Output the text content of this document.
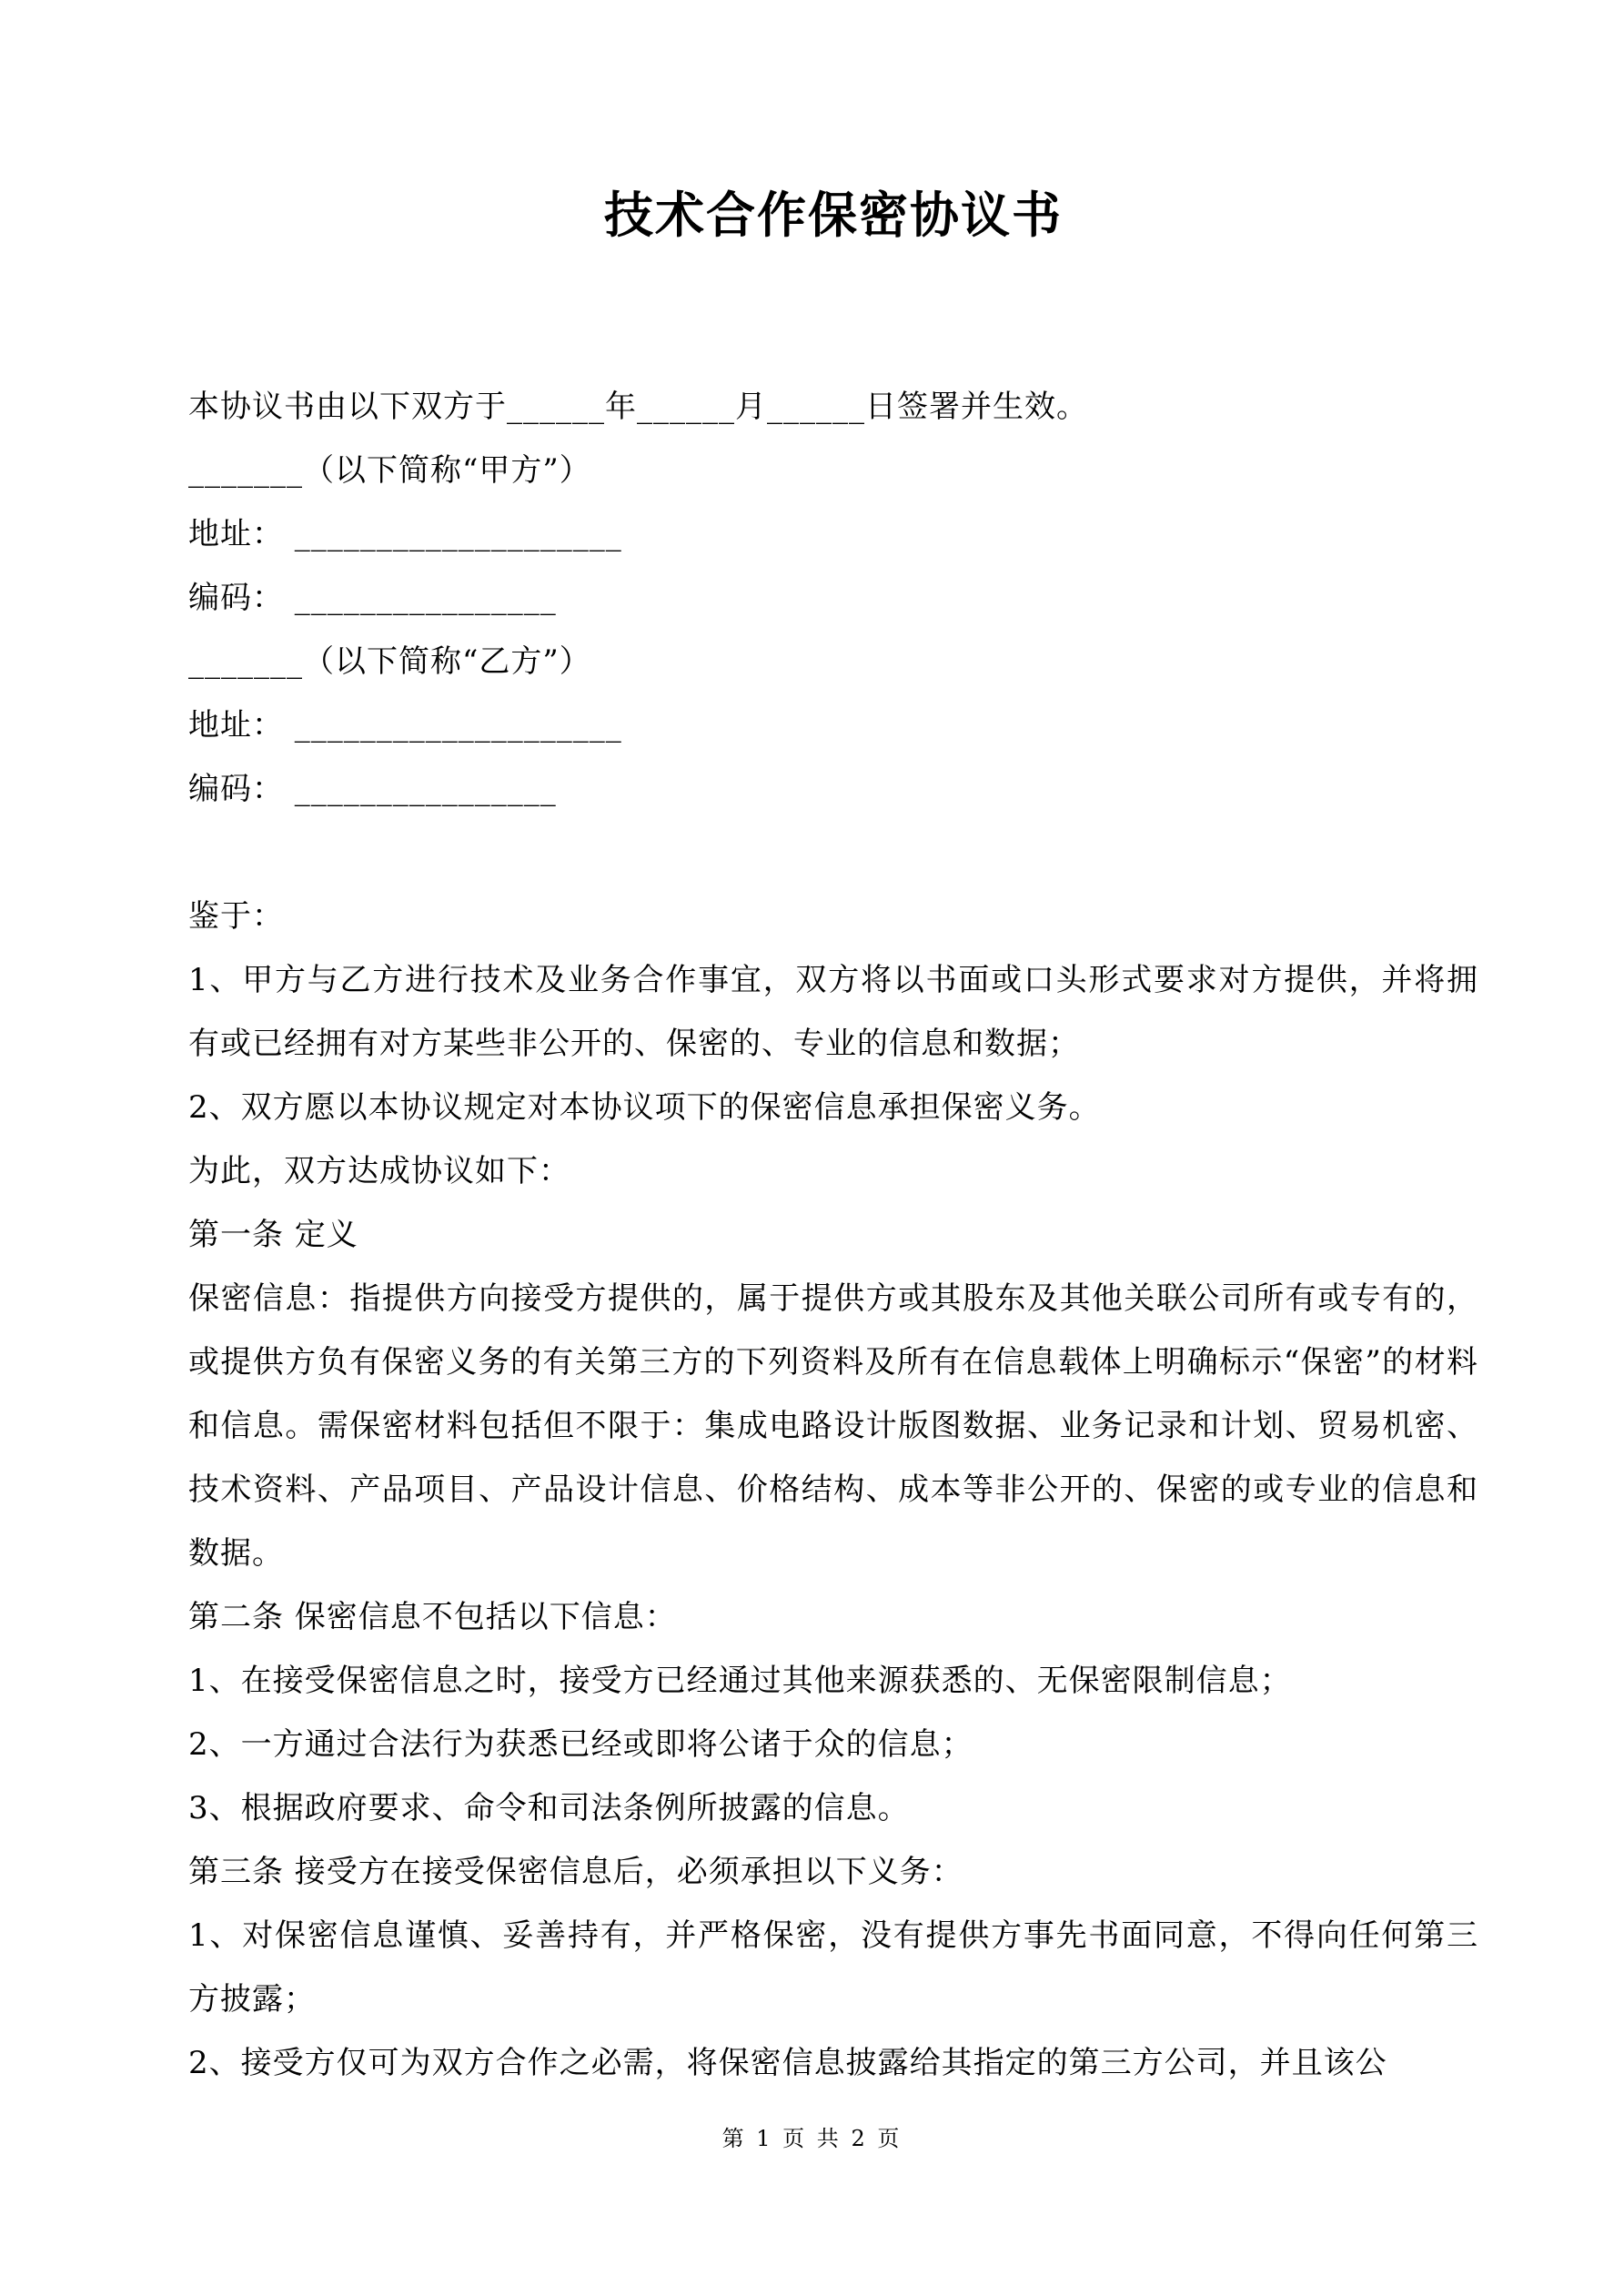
技术合作保密协议书

本协议书由以下双方于______年______月______日签署并生效。

_______（以下简称“甲方”）

地址： ____________________

编码： ________________

_______（以下简称“乙方”）

地址： ____________________

编码： ________________

鉴于：

1、甲方与乙方进行技术及业务合作事宜，双方将以书面或口头形式要求对方提供，并将拥有或已经拥有对方某些非公开的、保密的、专业的信息和数据；

2、双方愿以本协议规定对本协议项下的保密信息承担保密义务。

为此，双方达成协议如下：

第一条 定义

保密信息：指提供方向接受方提供的，属于提供方或其股东及其他关联公司所有或专有的，或提供方负有保密义务的有关第三方的下列资料及所有在信息载体上明确标示“保密”的材料和信息。需保密材料包括但不限于：集成电路设计版图数据、业务记录和计划、贸易机密、技术资料、产品项目、产品设计信息、价格结构、成本等非公开的、保密的或专业的信息和数据。

第二条 保密信息不包括以下信息：

1、在接受保密信息之时，接受方已经通过其他来源获悉的、无保密限制信息；

2、一方通过合法行为获悉已经或即将公诸于众的信息；

3、根据政府要求、命令和司法条例所披露的信息。

第三条 接受方在接受保密信息后，必须承担以下义务：

1、对保密信息谨慎、妥善持有，并严格保密，没有提供方事先书面同意，不得向任何第三方披露；

2、接受方仅可为双方合作之必需，将保密信息披露给其指定的第三方公司，并且该公

第 1 页 共 2 页
